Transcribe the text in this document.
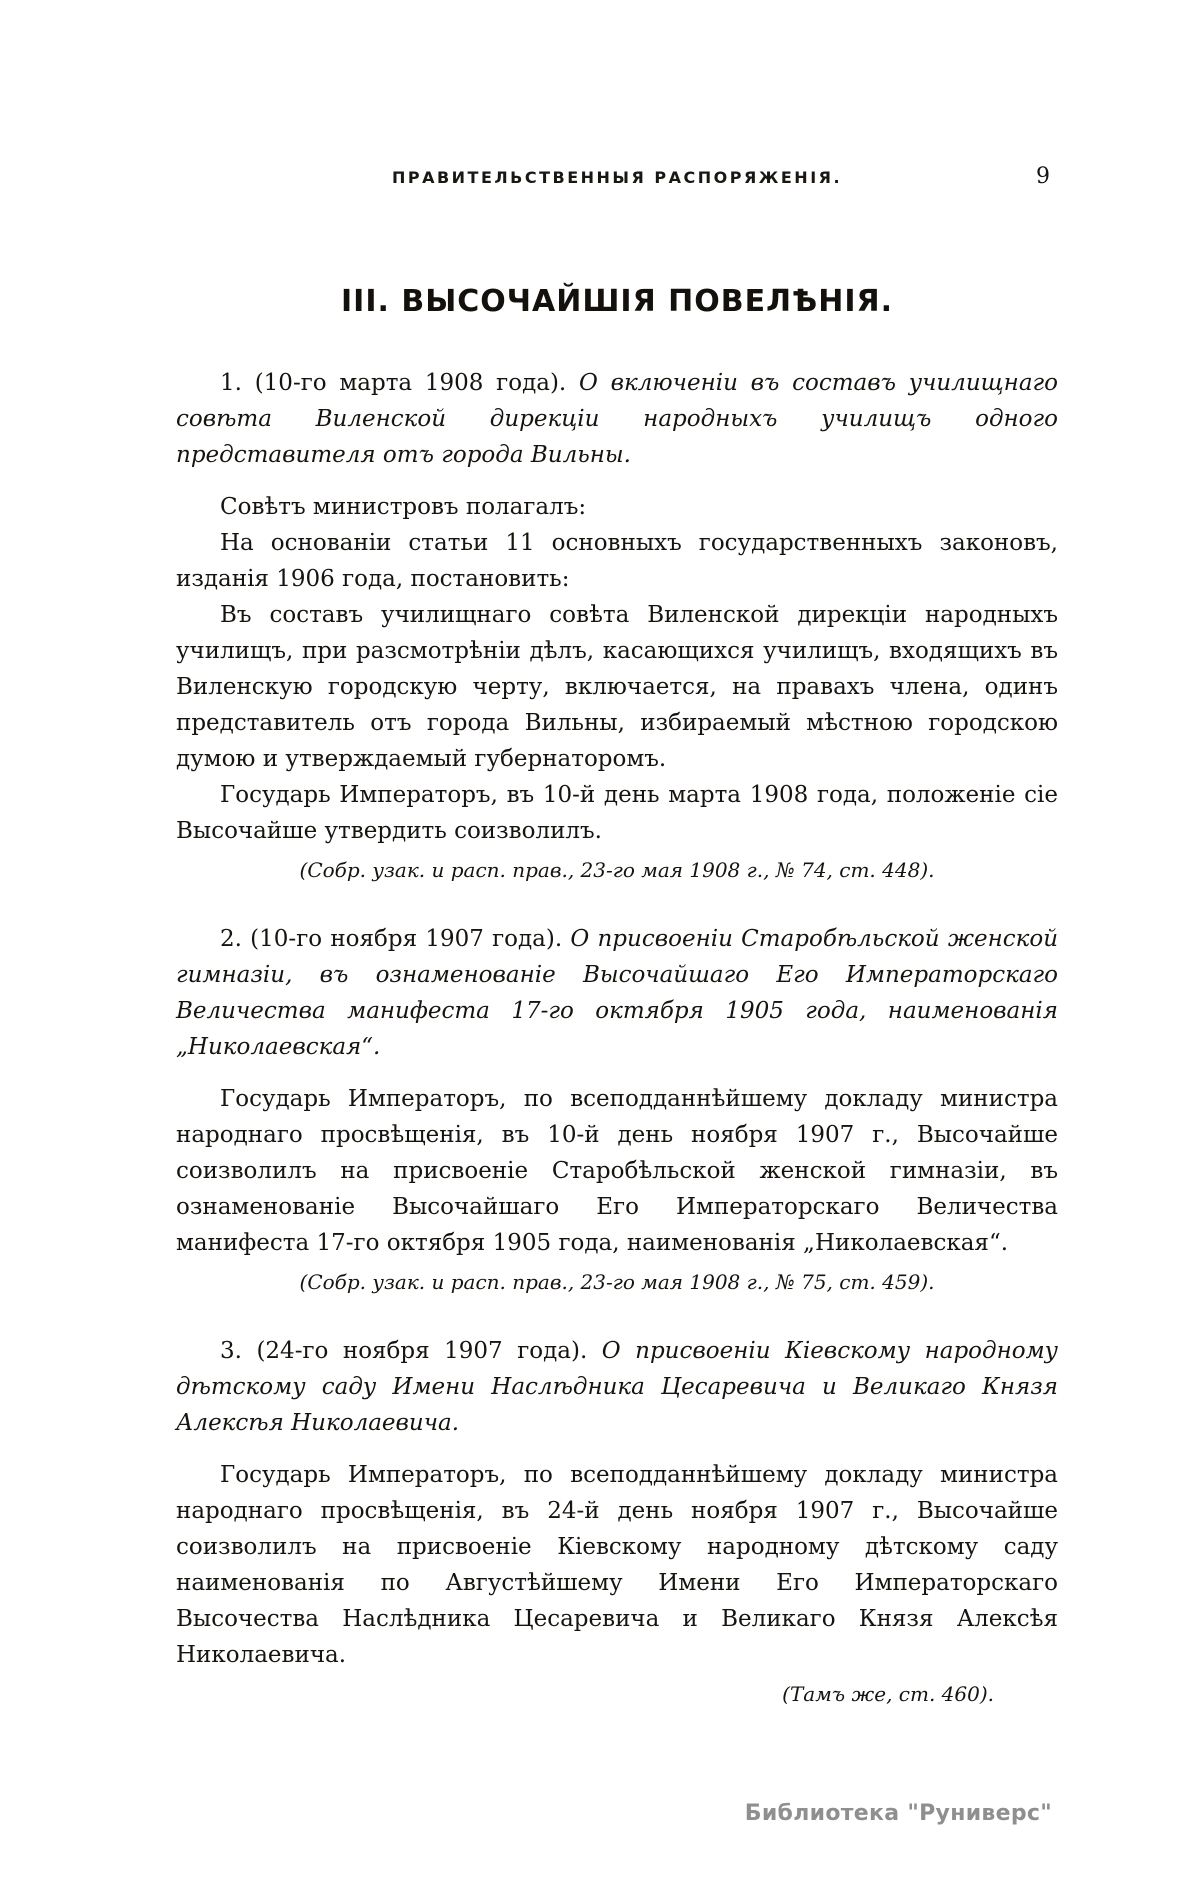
ПРАВИТЕЛЬСТВЕННЫЯ РАСПОРЯЖЕНІЯ.	9
III. ВЫСОЧАЙШІЯ ПОВЕЛѢНІЯ.

1. (10-го марта 1908 года). О включеніи въ составъ училищнаго совѣта Виленской дирекціи народныхъ училищъ одного представителя отъ города Вильны.

Совѣтъ министровъ полагалъ:

На основаніи статьи 11 основныхъ государственныхъ законовъ, изданія 1906 года, постановить:

Въ составъ училищнаго совѣта Виленской дирекціи народныхъ училищъ, при разсмотрѣніи дѣлъ, касающихся училищъ, входящихъ въ Виленскую городскую черту, включается, на правахъ члена, одинъ представитель отъ города Вильны, избираемый мѣстною городскою думою и утверждаемый губернаторомъ.

Государь Императоръ, въ 10-й день марта 1908 года, положеніе сіе Высочайше утвердить соизволилъ.

(Собр. узак. и расп. прав., 23-го мая 1908 г., № 74, ст. 448).

2. (10-го ноября 1907 года). О присвоеніи Старобѣльской женской гимназіи, въ ознаменованіе Высочайшаго Его Императорскаго Величества манифеста 17-го октября 1905 года, наименованія „Николаевская“.

Государь Императоръ, по всеподданнѣйшему докладу министра народнаго просвѣщенія, въ 10-й день ноября 1907 г., Высочайше соизволилъ на присвоеніе Старобѣльской женской гимназіи, въ ознаменованіе Высочайшаго Его Императорскаго Величества манифеста 17-го октября 1905 года, наименованія „Николаевская“.

(Собр. узак. и расп. прав., 23-го мая 1908 г., № 75, ст. 459).

3. (24-го ноября 1907 года). О присвоеніи Кіевскому народному дѣтскому саду Имени Наслѣдника Цесаревича и Великаго Князя Алексѣя Николаевича.

Государь Императоръ, по всеподданнѣйшему докладу министра народнаго просвѣщенія, въ 24-й день ноября 1907 г., Высочайше соизволилъ на присвоеніе Кіевскому народному дѣтскому саду наименованія по Августѣйшему Имени Его Императорскаго Высочества Наслѣдника Цесаревича и Великаго Князя Алексѣя Николаевича.

(Тамъ же, ст. 460).

Библиотека "Руниверс"
